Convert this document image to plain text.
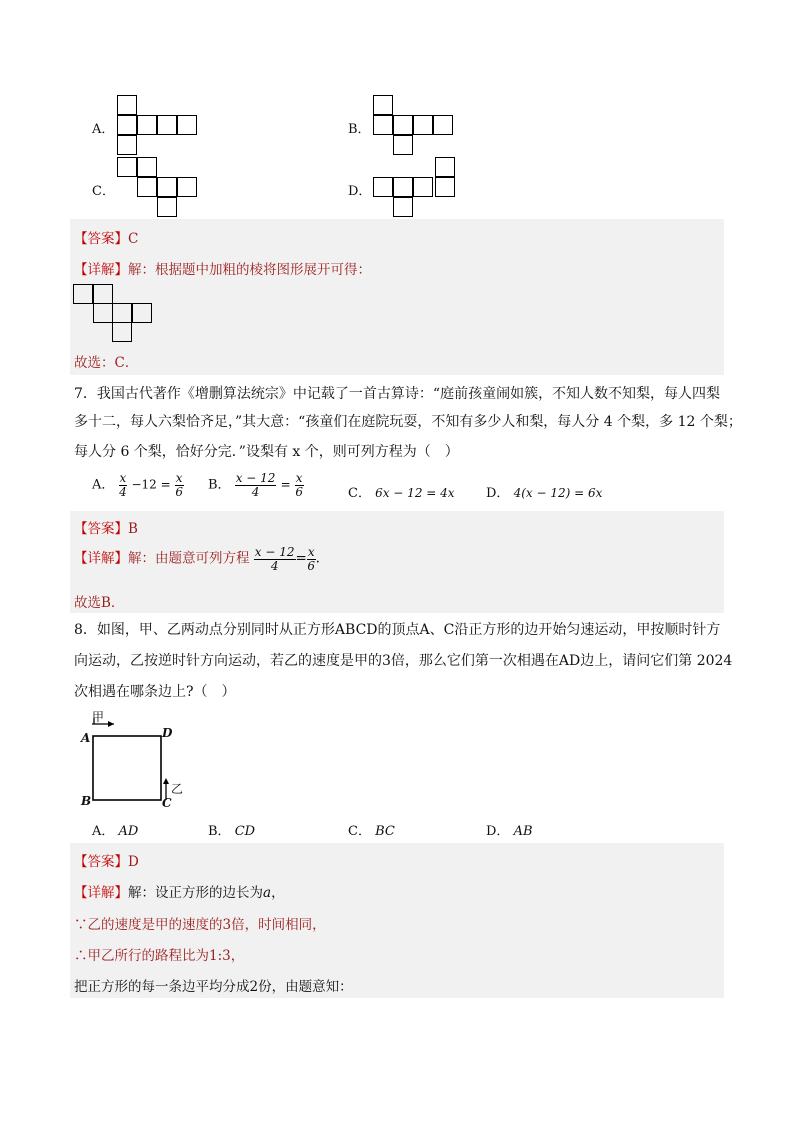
A．	B．
C．	D．
【答案】C
【详解】解：根据题中加粗的棱将图形展开可得：
故选：C．
7．我国古代著作《增删算法统宗》中记载了一首古算诗：“庭前孩童闹如簇，不知人数不知梨，每人四梨
多十二，每人六梨恰齐足，”其大意：“孩童们在庭院玩耍，不知有多少人和梨，每人分 4 个梨，多 12 个梨；
每人分 6 个梨，恰好分完．”设梨有 x 个，则可列方程为（　）
A． $\frac{x}{4} -12 = \frac{x}{6}$ B． $\frac{x - 12}{4} = \frac{x}{6}$	C． 6x − 12 = 4x D． 4(x − 12) = 6x
【答案】B
【详解】解：由题意可列方程 $\frac{x - 12}{4} = \frac{x}{6}$ .
故选B．
8．如图，甲、乙两动点分别同时从正方形ABCD的顶点A、C沿正方形的边开始匀速运动，甲按顺时针方
向运动，乙按逆时针方向运动，若乙的速度是甲的3倍，那么它们第一次相遇在AD边上，请问它们第 2024
次相遇在哪条边上?（　）
甲
A	D
B	C
乙
A． AD	B． CD	C． BC	D． AB
【答案】D
【详解】解：设正方形的边长为a，
∵乙的速度是甲的速度的3倍，时间相同，
∴甲乙所行的路程比为1:3，
把正方形的每一条边平均分成2份，由题意知：
